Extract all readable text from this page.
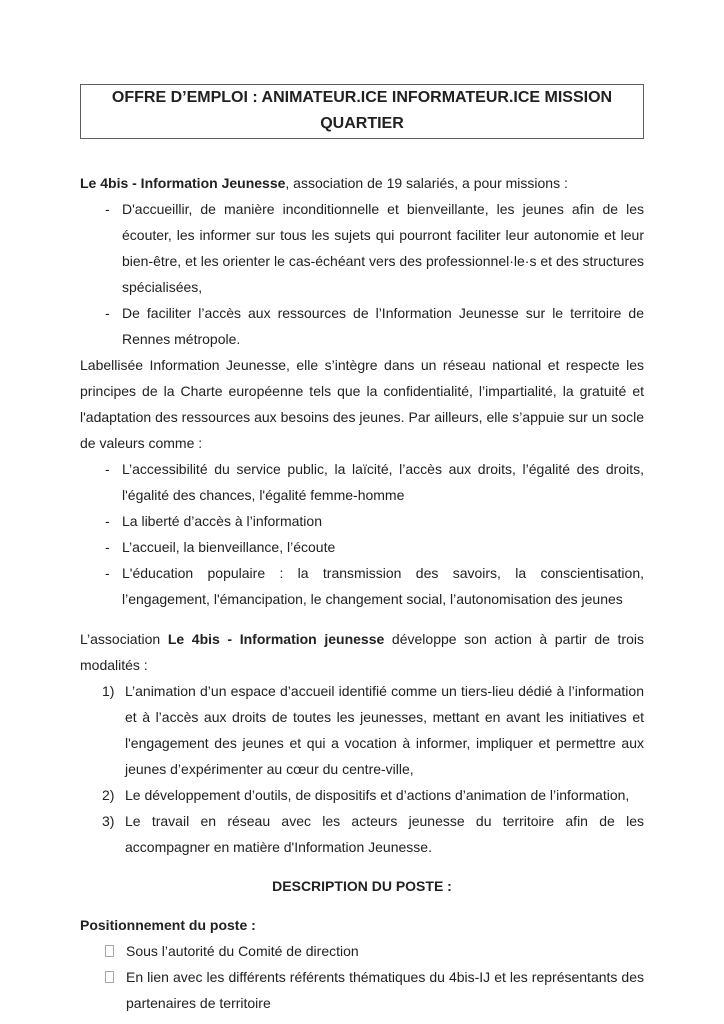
OFFRE D’EMPLOI : ANIMATEUR.ICE INFORMATEUR.ICE MISSION
QUARTIER

Le 4bis - Information Jeunesse, association de 19 salariés, a pour missions :

- D'accueillir, de manière inconditionnelle et bienveillante, les jeunes afin de les écouter, les informer sur tous les sujets qui pourront faciliter leur autonomie et leur bien-être, et les orienter le cas-échéant vers des professionnel·le·s et des structures spécialisées,
- De faciliter l’accès aux ressources de l’Information Jeunesse sur le territoire de Rennes métropole.

Labellisée Information Jeunesse, elle s’intègre dans un réseau national et respecte les principes de la Charte européenne tels que la confidentialité, l’impartialité, la gratuité et l'adaptation des ressources aux besoins des jeunes. Par ailleurs, elle s’appuie sur un socle de valeurs comme :

- L’accessibilité du service public, la laïcité, l’accès aux droits, l’égalité des droits, l'égalité des chances, l'égalité femme-homme
- La liberté d’accès à l’information
- L’accueil, la bienveillance, l’écoute
- L'éducation populaire : la transmission des savoirs, la conscientisation, l’engagement, l'émancipation, le changement social, l’autonomisation des jeunes

L’association Le 4bis - Information jeunesse développe son action à partir de trois modalités :

1) L’animation d’un espace d’accueil identifié comme un tiers-lieu dédié à l’information et à l’accès aux droits de toutes les jeunesses, mettant en avant les initiatives et l'engagement des jeunes et qui a vocation à informer, impliquer et permettre aux jeunes d’expérimenter au cœur du centre-ville,
2) Le développement d’outils, de dispositifs et d’actions d’animation de l’information,
3) Le travail en réseau avec les acteurs jeunesse du territoire afin de les accompagner en matière d'Information Jeunesse.
DESCRIPTION DU POSTE :

Positionnement du poste :

Sous l’autorité du Comité de direction
En lien avec les différents référents thématiques du 4bis-IJ et les représentants des partenaires de territoire
